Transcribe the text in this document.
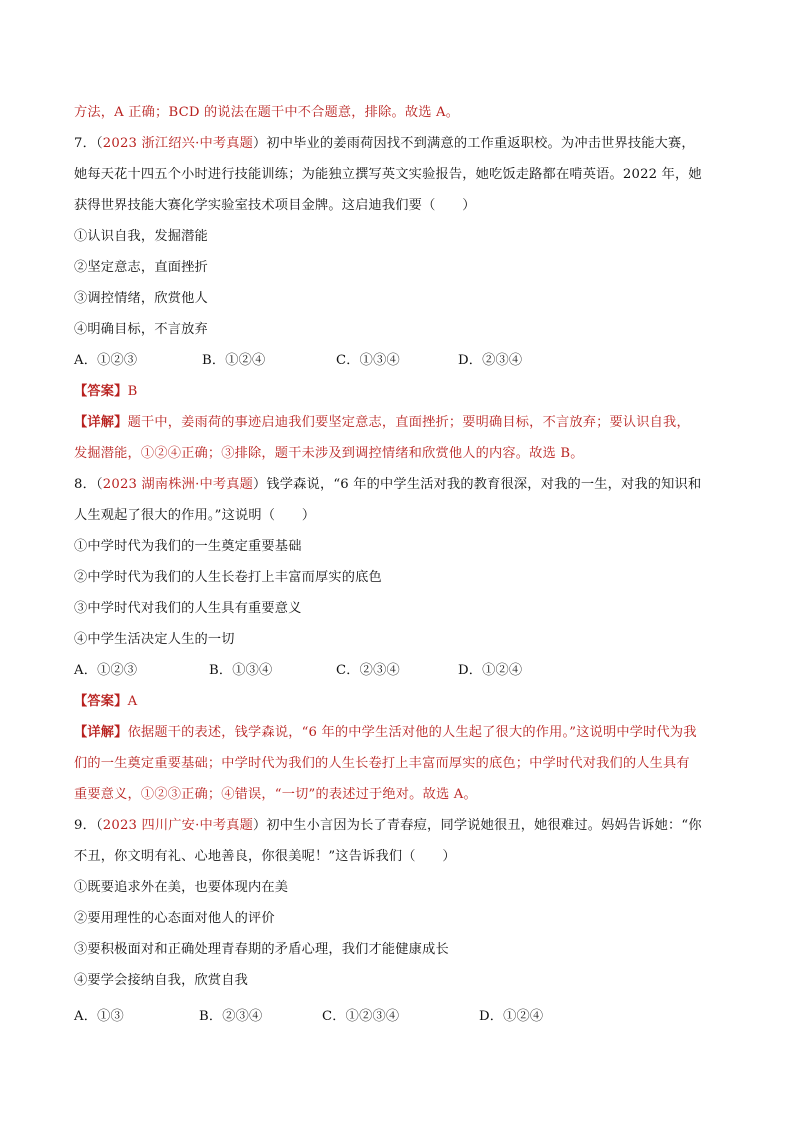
方法，A 正确；BCD 的说法在题干中不合题意，排除。故选 A。
7．（2023 浙江绍兴·中考真题）初中毕业的姜雨荷因找不到满意的工作重返职校。为冲击世界技能大赛，
她每天花十四五个小时进行技能训练；为能独立撰写英文实验报告，她吃饭走路都在啃英语。2022 年，她
获得世界技能大赛化学实验室技术项目金牌。这启迪我们要（　　）
①认识自我，发掘潜能
②坚定意志，直面挫折
③调控情绪，欣赏他人
④明确目标，不言放弃
A．①②③	B．①②④	C．①③④	D．②③④
【答案】B
【详解】题干中，姜雨荷的事迹启迪我们要坚定意志，直面挫折；要明确目标，不言放弃；要认识自我，
发掘潜能，①②④正确；③排除，题干未涉及到调控情绪和欣赏他人的内容。故选 B。
8．（2023 湖南株洲·中考真题）钱学森说，“6 年的中学生活对我的教育很深，对我的一生，对我的知识和
人生观起了很大的作用。”这说明（　　）
①中学时代为我们的一生奠定重要基础
②中学时代为我们的人生长卷打上丰富而厚实的底色
③中学时代对我们的人生具有重要意义
④中学生活决定人生的一切
A．①②③	B．①③④	C．②③④	D．①②④
【答案】A
【详解】依据题干的表述，钱学森说，“6 年的中学生活对他的人生起了很大的作用。”这说明中学时代为我
们的一生奠定重要基础；中学时代为我们的人生长卷打上丰富而厚实的底色；中学时代对我们的人生具有
重要意义，①②③正确；④错误，“一切”的表述过于绝对。故选 A。
9．（2023 四川广安·中考真题）初中生小言因为长了青春痘，同学说她很丑，她很难过。妈妈告诉她：“你
不丑，你文明有礼、心地善良，你很美呢！”这告诉我们（　　）
①既要追求外在美，也要体现内在美
②要用理性的心态面对他人的评价
③要积极面对和正确处理青春期的矛盾心理，我们才能健康成长
④要学会接纳自我，欣赏自我
A．①③	B．②③④	C．①②③④	D．①②④
